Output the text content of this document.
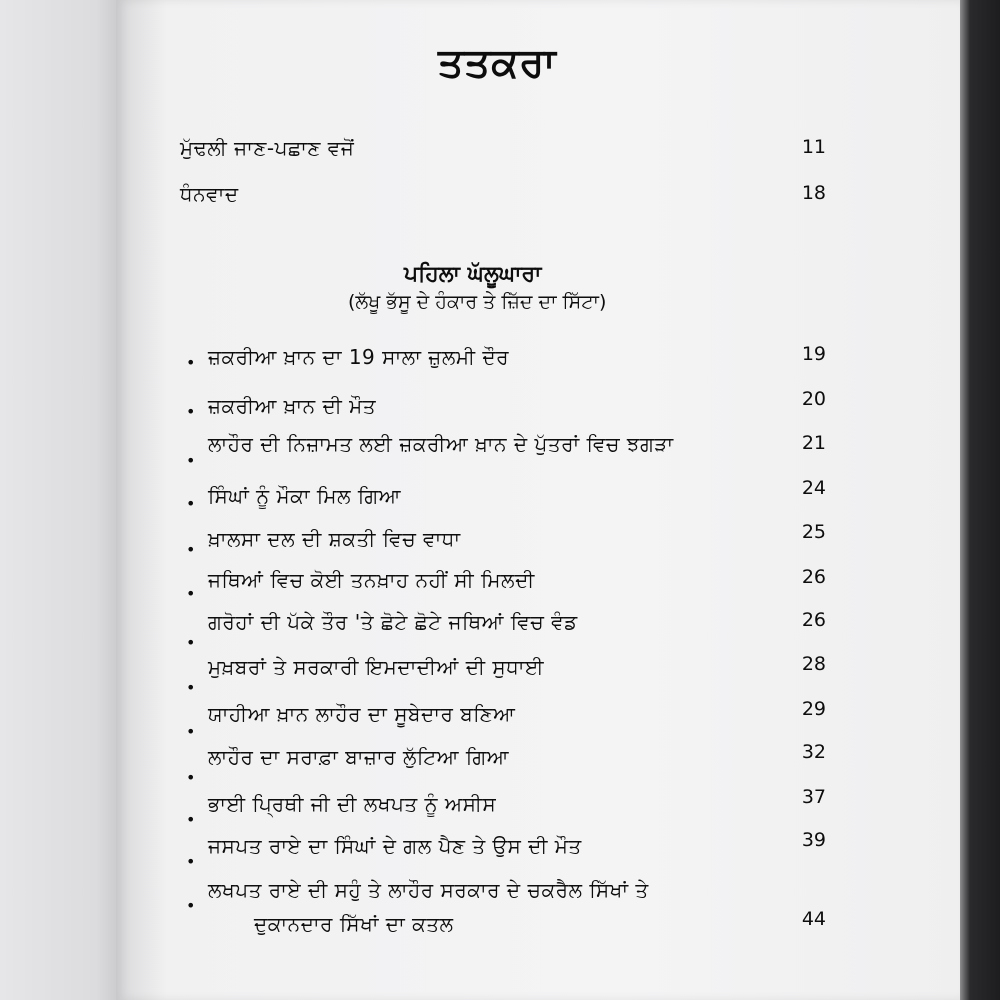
ਤਤਕਰਾ
ਮੁੱਢਲੀ ਜਾਣ-ਪਛਾਣ ਵਜੋਂ	11
ਧੰਨਵਾਦ	18
ਪਹਿਲਾ ਘੱਲੂਘਾਰਾ
(ਲੱਖੂ ਭੱਸੂ ਦੇ ਹੰਕਾਰ ਤੇ ਜ਼ਿੱਦ ਦਾ ਸਿੱਟਾ)
• ਜ਼ਕਰੀਆ ਖ਼ਾਨ ਦਾ 19 ਸਾਲਾ ਜ਼ੁਲਮੀ ਦੌਰ	19
• ਜ਼ਕਰੀਆ ਖ਼ਾਨ ਦੀ ਮੌਤ	20
•
ਲਾਹੌਰ ਦੀ ਨਿਜ਼ਾਮਤ ਲਈ ਜ਼ਕਰੀਆ ਖ਼ਾਨ ਦੇ ਪੁੱਤਰਾਂ ਵਿਚ ਝਗੜਾ	21
• ਸਿੰਘਾਂ ਨੂੰ ਮੌਕਾ ਮਿਲ ਗਿਆ	24
• ਖ਼ਾਲਸਾ ਦਲ ਦੀ ਸ਼ਕਤੀ ਵਿਚ ਵਾਧਾ	25
•
ਜਥਿਆਂ ਵਿਚ ਕੋਈ ਤਨਖ਼ਾਹ ਨਹੀਂ ਸੀ ਮਿਲਦੀ	26
•
ਗਰੋਹਾਂ ਦੀ ਪੱਕੇ ਤੌਰ 'ਤੇ ਛੋਟੇ ਛੋਟੇ ਜਥਿਆਂ ਵਿਚ ਵੰਡ	26
•
ਮੁਖ਼ਬਰਾਂ ਤੇ ਸਰਕਾਰੀ ਇਮਦਾਦੀਆਂ ਦੀ ਸੁਧਾਈ	28
•
ਯਾਹੀਆ ਖ਼ਾਨ ਲਾਹੌਰ ਦਾ ਸੂਬੇਦਾਰ ਬਣਿਆ	29
•
ਲਾਹੌਰ ਦਾ ਸਰਾਫ਼ਾ ਬਾਜ਼ਾਰ ਲੁੱਟਿਆ ਗਿਆ	32
•
ਭਾਈ ਪ੍ਰਿਥੀ ਜੀ ਦੀ ਲਖਪਤ ਨੂੰ ਅਸੀਸ	37
•
ਜਸਪਤ ਰਾਏ ਦਾ ਸਿੰਘਾਂ ਦੇ ਗਲ ਪੈਣ ਤੇ ਉਸ ਦੀ ਮੌਤ	39
•
ਲਖਪਤ ਰਾਏ ਦੀ ਸਹੁੰ ਤੇ ਲਾਹੌਰ ਸਰਕਾਰ ਦੇ ਚਕਰੈਲ ਸਿੱਖਾਂ ਤੇ
ਦੁਕਾਨਦਾਰ ਸਿੱਖਾਂ ਦਾ ਕਤਲ	44
